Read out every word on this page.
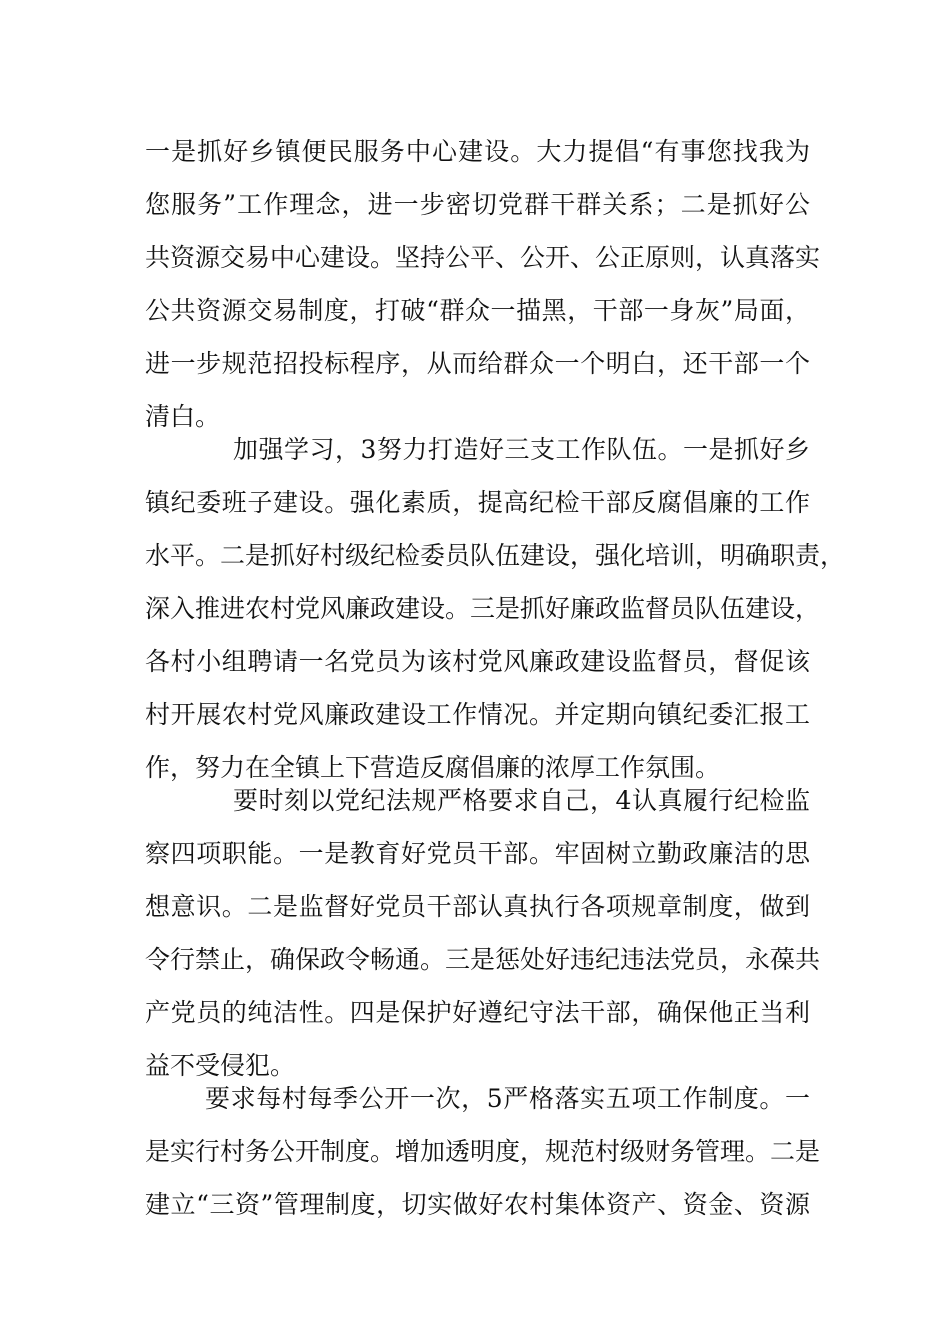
一是抓好乡镇便民服务中心建设。大力提倡“有事您找我为
您服务”工作理念，进一步密切党群干群关系；二是抓好公
共资源交易中心建设。坚持公平、公开、公正原则，认真落实
公共资源交易制度，打破“群众一描黑，干部一身灰”局面，
进一步规范招投标程序，从而给群众一个明白，还干部一个
清白。
加强学习，3努力打造好三支工作队伍。一是抓好乡
镇纪委班子建设。强化素质，提高纪检干部反腐倡廉的工作
水平。二是抓好村级纪检委员队伍建设，强化培训，明确职责，
深入推进农村党风廉政建设。三是抓好廉政监督员队伍建设，
各村小组聘请一名党员为该村党风廉政建设监督员，督促该
村开展农村党风廉政建设工作情况。并定期向镇纪委汇报工
作，努力在全镇上下营造反腐倡廉的浓厚工作氛围。
要时刻以党纪法规严格要求自己，4认真履行纪检监
察四项职能。一是教育好党员干部。牢固树立勤政廉洁的思
想意识。二是监督好党员干部认真执行各项规章制度，做到
令行禁止，确保政令畅通。三是惩处好违纪违法党员，永葆共
产党员的纯洁性。四是保护好遵纪守法干部，确保他正当利
益不受侵犯。
要求每村每季公开一次，5严格落实五项工作制度。一
是实行村务公开制度。增加透明度，规范村级财务管理。二是
建立“三资”管理制度，切实做好农村集体资产、资金、资源
